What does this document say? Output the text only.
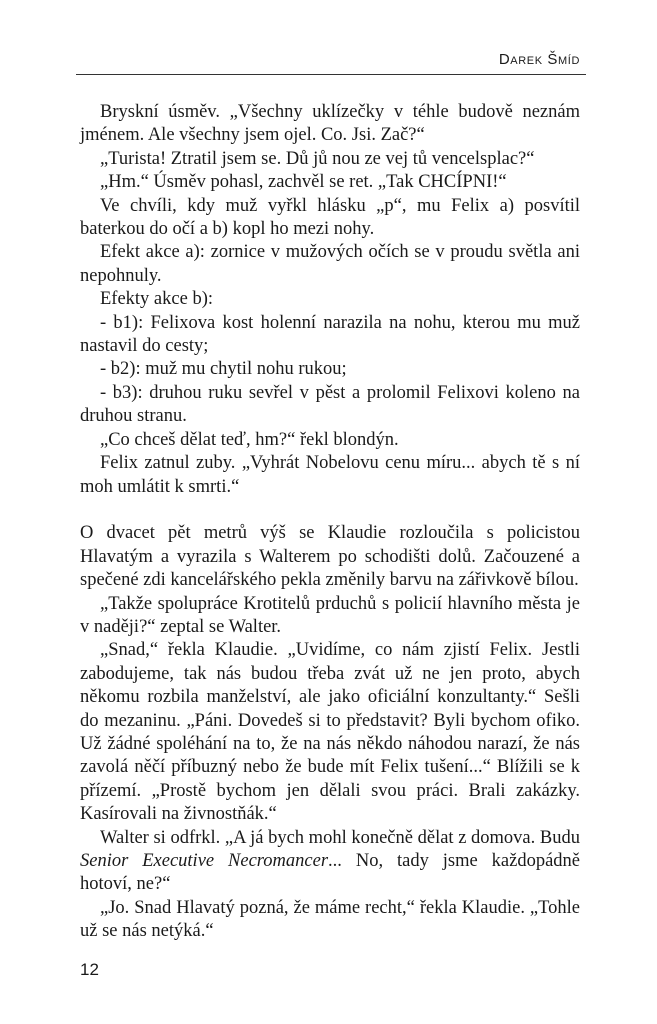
Darek Šmíd

Bryskní úsměv. „Všechny uklízečky v téhle budově neznám jménem. Ale všechny jsem ojel. Co. Jsi. Zač?“

„Turista! Ztratil jsem se. Dů jů nou ze vej tů vencelsplac?“

„Hm.“ Úsměv pohasl, zachvěl se ret. „Tak CHCÍPNI!“

Ve chvíli, kdy muž vyřkl hlásku „p“, mu Felix a) posvítil baterkou do očí a b) kopl ho mezi nohy.

Efekt akce a): zornice v mužových očích se v proudu světla ani nepohnuly.

Efekty akce b):

- b1): Felixova kost holenní narazila na nohu, kterou mu muž nastavil do cesty;

- b2): muž mu chytil nohu rukou;

- b3): druhou ruku sevřel v pěst a prolomil Felixovi koleno na druhou stranu.

„Co chceš dělat teď, hm?“ řekl blondýn.

Felix zatnul zuby. „Vyhrát Nobelovu cenu míru... abych tě s ní moh umlátit k smrti.“

O dvacet pět metrů výš se Klaudie rozloučila s policistou Hlavatým a vyrazila s Walterem po schodišti dolů. Začouzené a spečené zdi kancelářského pekla změnily barvu na zářivkově bílou.

„Takže spolupráce Krotitelů prduchů s policií hlavního města je v naději?“ zeptal se Walter.

„Snad,“ řekla Klaudie. „Uvidíme, co nám zjistí Felix. Jestli zabodujeme, tak nás budou třeba zvát už ne jen proto, abych někomu rozbila manželství, ale jako oficiální konzultanty.“ Sešli do mezaninu. „Páni. Dovedeš si to představit? Byli bychom ofiko. Už žádné spoléhání na to, že na nás někdo náhodou narazí, že nás zavolá něčí příbuzný nebo že bude mít Felix tušení...“ Blížili se k přízemí. „Prostě bychom jen dělali svou práci. Brali zakázky. Kasírovali na živnostňák.“

Walter si odfrkl. „A já bych mohl konečně dělat z domova. Budu Senior Executive Necromancer... No, tady jsme každopádně hotoví, ne?“

„Jo. Snad Hlavatý pozná, že máme recht,“ řekla Klaudie. „Tohle už se nás netýká.“

12
